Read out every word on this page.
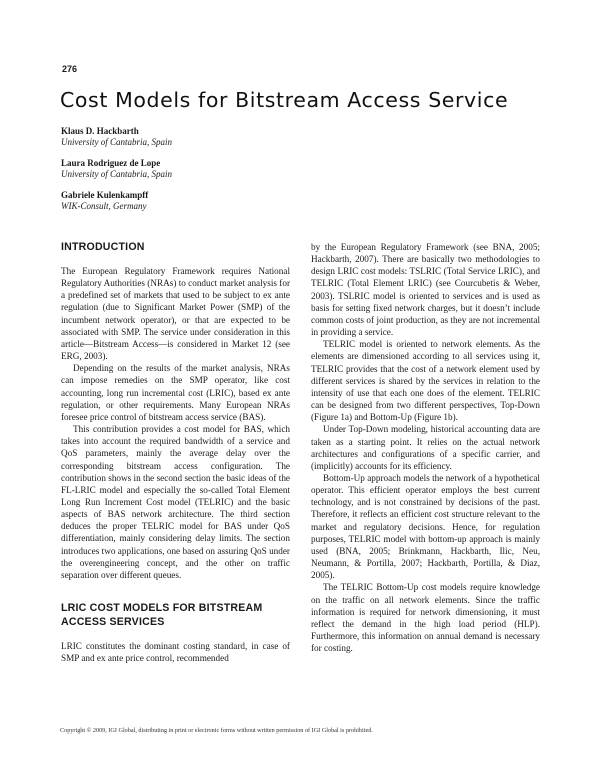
276
Cost Models for Bitstream Access Service
Klaus D. Hackbarth
University of Cantabria, Spain
Laura Rodriguez de Lope
University of Cantabria, Spain
Gabriele Kulenkampff
WIK-Consult, Germany
INTRODUCTION

The European Regulatory Framework requires National Regulatory Authorities (NRAs) to conduct market analysis for a predefined set of markets that used to be subject to ex ante regulation (due to Significant Market Power (SMP) of the incumbent network operator), or that are expected to be associated with SMP. The service under consideration in this article—Bitstream Access—is considered in Market 12 (see ERG, 2003).

Depending on the results of the market analysis, NRAs can impose remedies on the SMP operator, like cost accounting, long run incremental cost (LRIC), based ex ante regulation, or other requirements. Many European NRAs foresee price control of bitstream access service (BAS).

This contribution provides a cost model for BAS, which takes into account the required bandwidth of a service and QoS parameters, mainly the average delay over the corresponding bitstream access configuration. The contribution shows in the second section the basic ideas of the FL-LRIC model and especially the so-called Total Element Long Run Increment Cost model (TELRIC) and the basic aspects of BAS network architecture. The third section deduces the proper TELRIC model for BAS under QoS differentiation, mainly considering delay limits. The section introduces two applications, one based on assuring QoS under the overengineering concept, and the other on traffic separation over different queues.

LRIC COST MODELS FOR BITSTREAM ACCESS SERVICES

LRIC constitutes the dominant costing standard, in case of SMP and ex ante price control, recommended

by the European Regulatory Framework (see BNA, 2005; Hackbarth, 2007). There are basically two methodologies to design LRIC cost models: TSLRIC (Total Service LRIC), and TELRIC (Total Element LRIC) (see Courcubetis & Weber, 2003). TSLRIC model is oriented to services and is used as basis for setting fixed network charges, but it doesn’t include common costs of joint production, as they are not incremental in providing a service.

TELRIC model is oriented to network elements. As the elements are dimensioned according to all services using it, TELRIC provides that the cost of a network element used by different services is shared by the services in relation to the intensity of use that each one does of the element. TELRIC can be designed from two different perspectives, Top-Down (Figure 1a) and Bottom-Up (Figure 1b).

Under Top-Down modeling, historical accounting data are taken as a starting point. It relies on the actual network architectures and configurations of a specific carrier, and (implicitly) accounts for its efficiency.

Bottom-Up approach models the network of a hypothetical operator. This efficient operator employs the best current technology, and is not constrained by decisions of the past. Therefore, it reflects an efficient cost structure relevant to the market and regulatory decisions. Hence, for regulation purposes, TELRIC model with bottom-up approach is mainly used (BNA, 2005; Brinkmann, Hackbarth, Ilic, Neu, Neumann, & Portilla, 2007; Hackbarth, Portilla, & Diaz, 2005).

The TELRIC Bottom-Up cost models require knowledge on the traffic on all network elements. Since the traffic information is required for network dimensioning, it must reflect the demand in the high load period (HLP). Furthermore, this information on annual demand is necessary for costing.

Copyright © 2009, IGI Global, distributing in print or electronic forms without written permission of IGI Global is prohibited.
